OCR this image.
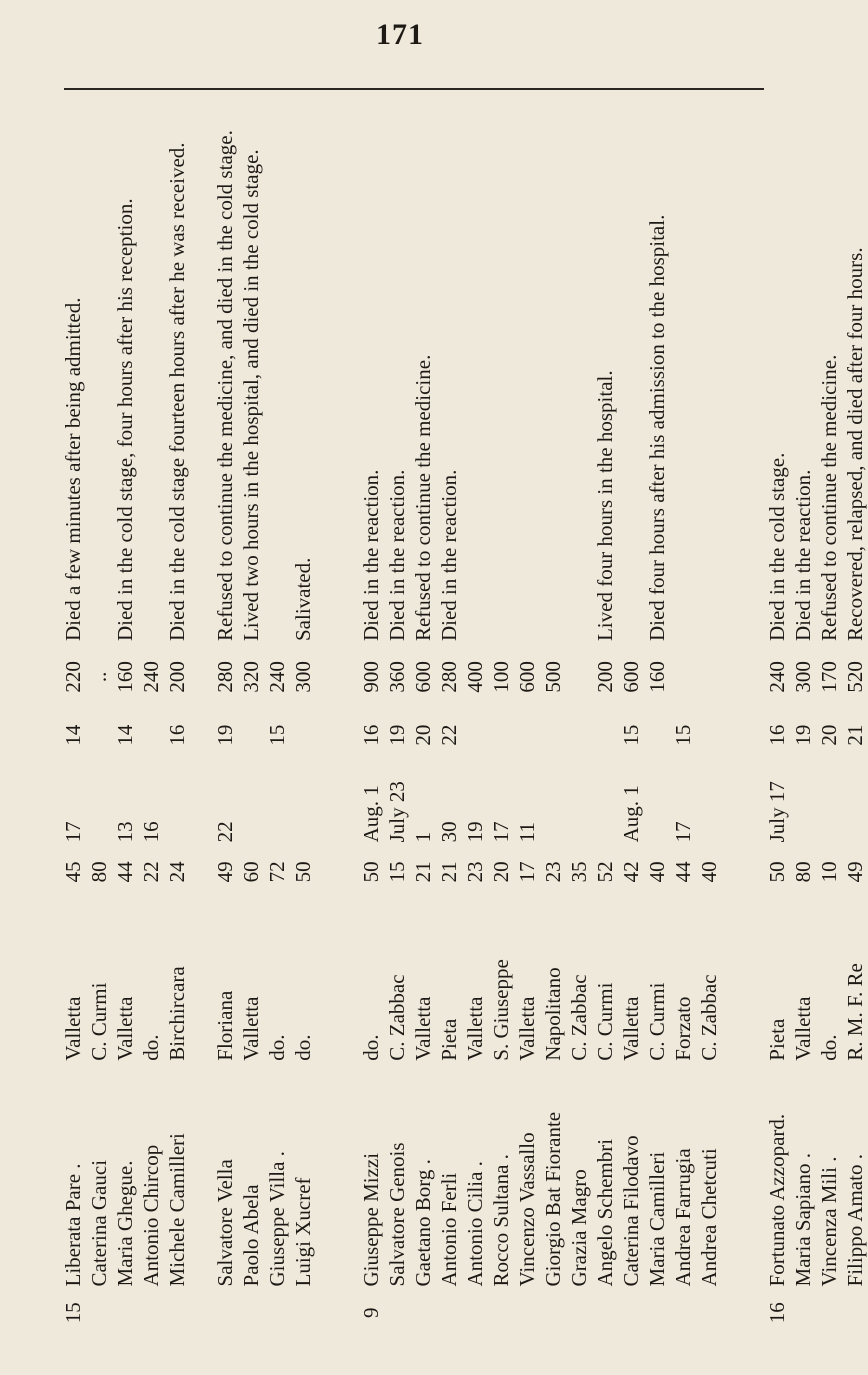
171
15	Liberata Pare .	Valletta	45	17	14	220	Died a few minutes after being admitted.
	Caterina Gauci	C. Curmi	80			..	
	Maria Ghegue.	Valletta	44	13	14	160	Died in the cold stage, four hours after his reception.
	Antonio Chircop	do.	22	16		240	
	Michele Camilleri	Birchircara	24		16	200	Died in the cold stage fourteen hours after he was received.

	Salvatore Vella	Floriana	49	22	19	280	Refused to continue the medicine, and died in the cold stage.
	Paolo Abela	Valletta	60			320	Lived two hours in the hospital, and died in the cold stage.
	Giuseppe Villa .	do.	72		15	240	
	Luigi Xucref	do.	50			300	Salivated.

9	Giuseppe Mizzi	do.	50	Aug. 1	16	900	Died in the reaction.
	Salvatore Genois	C. Zabbac	15	July 23	19	360	Died in the reaction.
	Gaetano Borg .	Valletta	21	1	20	600	Refused to continue the medicine.
	Antonio Ferli	Pieta	21	30	22	280	Died in the reaction.
	Antonio Cilia .	Valletta	23	19		400	
	Rocco Sultana .	S. Giuseppe	20	17		100	
	Vincenzo Vassallo	Valletta	17	11		600	
	Giorgio Bat Fiorante	Napolitano	23			500	
	Grazia Magro	C. Zabbac	35				
	Angelo Schembri	C. Curmi	52			200	Lived four hours in the hospital.
	Caterina Filodavo	Valletta	42	Aug. 1	15	600	
	Maria Camilleri	C. Curmi	40			160	Died four hours after his admission to the hospital.
	Andrea Farrugia	Forzato	44	17	15		
	Andrea Chetcuti	C. Zabbac	40				

16	Fortunato Azzopard.	Pieta	50	July 17	16	240	Died in the cold stage.
	Maria Sapiano .	Valletta	80		19	300	Died in the reaction.
	Vincenza Mili .	do.	10		20	170	Refused to continue the medicine.
	Filippo Amato .	R. M. F. Re	49		21	520	Recovered, relapsed, and died after four hours.
